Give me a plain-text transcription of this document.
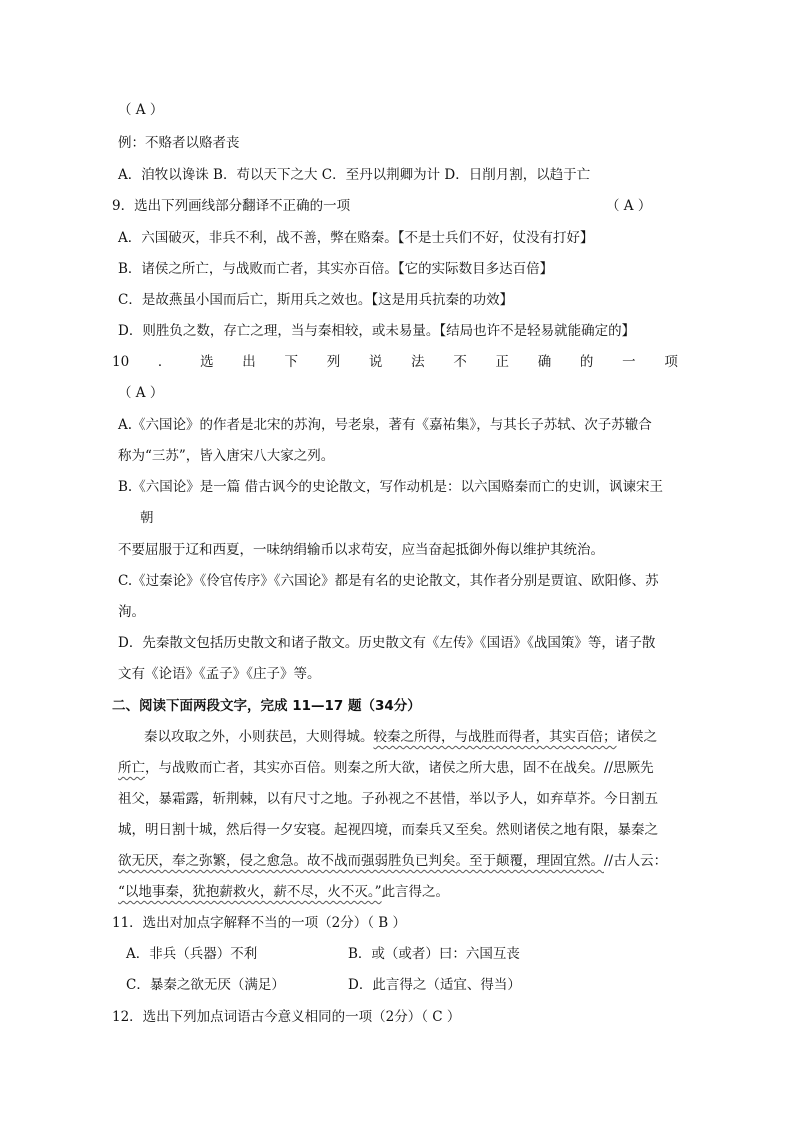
（ A ）
例：不赂者以赂者丧
A．洎牧以谗诛 B．苟以天下之大 C．至丹以荆卿为计 D．日削月割，以趋于亡
9．选出下列画线部分翻译不正确的一项	（ A ）
A．六国破灭，非兵不利，战不善，弊在赂秦。【不是士兵们不好，仗没有打好】
B．诸侯之所亡，与战败而亡者，其实亦百倍。【它的实际数目多达百倍】
C．是故燕虽小国而后亡，斯用兵之效也。【这是用兵抗秦的功效】
D．则胜负之数，存亡之理，当与秦相较，或未易量。【结局也许不是轻易就能确定的】
10 ． 选 出 下 列 说 法 不 正 确 的 一 项
（ A ）
A.《六国论》的作者是北宋的苏洵，号老泉，著有《嘉祐集》，与其长子苏轼、次子苏辙合
称为“三苏”，皆入唐宋八大家之列。
B.《六国论》是一篇 借古讽今的史论散文，写作动机是：以六国赂秦而亡的史训，讽谏宋王
朝
不要屈服于辽和西夏，一味纳绢输币以求苟安，应当奋起抵御外侮以维护其统治。
C.《过秦论》《伶官传序》《六国论》都是有名的史论散文，其作者分别是贾谊、欧阳修、苏
洵。
D．先秦散文包括历史散文和诸子散文。历史散文有《左传》《国语》《战国策》等，诸子散
文有《论语》《孟子》《庄子》等。
二、阅读下面两段文字，完成 11—17 题（34分）
秦以攻取之外，小则获邑，大则得城。较秦之所得，与战胜而得者，其实百倍；诸侯之
所亡，与战败而亡者，其实亦百倍。则秦之所大欲，诸侯之所大患，固不在战矣。//思厥先
祖父，暴霜露，斩荆棘，以有尺寸之地。子孙视之不甚惜，举以予人，如弃草芥。今日割五
城，明日割十城，然后得一夕安寝。起视四境，而秦兵又至矣。然则诸侯之地有限，暴秦之
欲无厌，奉之弥繁，侵之愈急。故不战而强弱胜负已判矣。至于颠覆，理固宜然。//古人云：
“以地事秦，犹抱薪救火，薪不尽，火不灭。”此言得之。
11．选出对加点字解释不当的一项（2分）（ B ）
A．非兵（兵器）不利	B．或（或者）曰：六国互丧
C．暴秦之欲无厌（满足）	D．此言得之（适宜、得当）
12．选出下列加点词语古今意义相同的一项（2分）（ C ）
